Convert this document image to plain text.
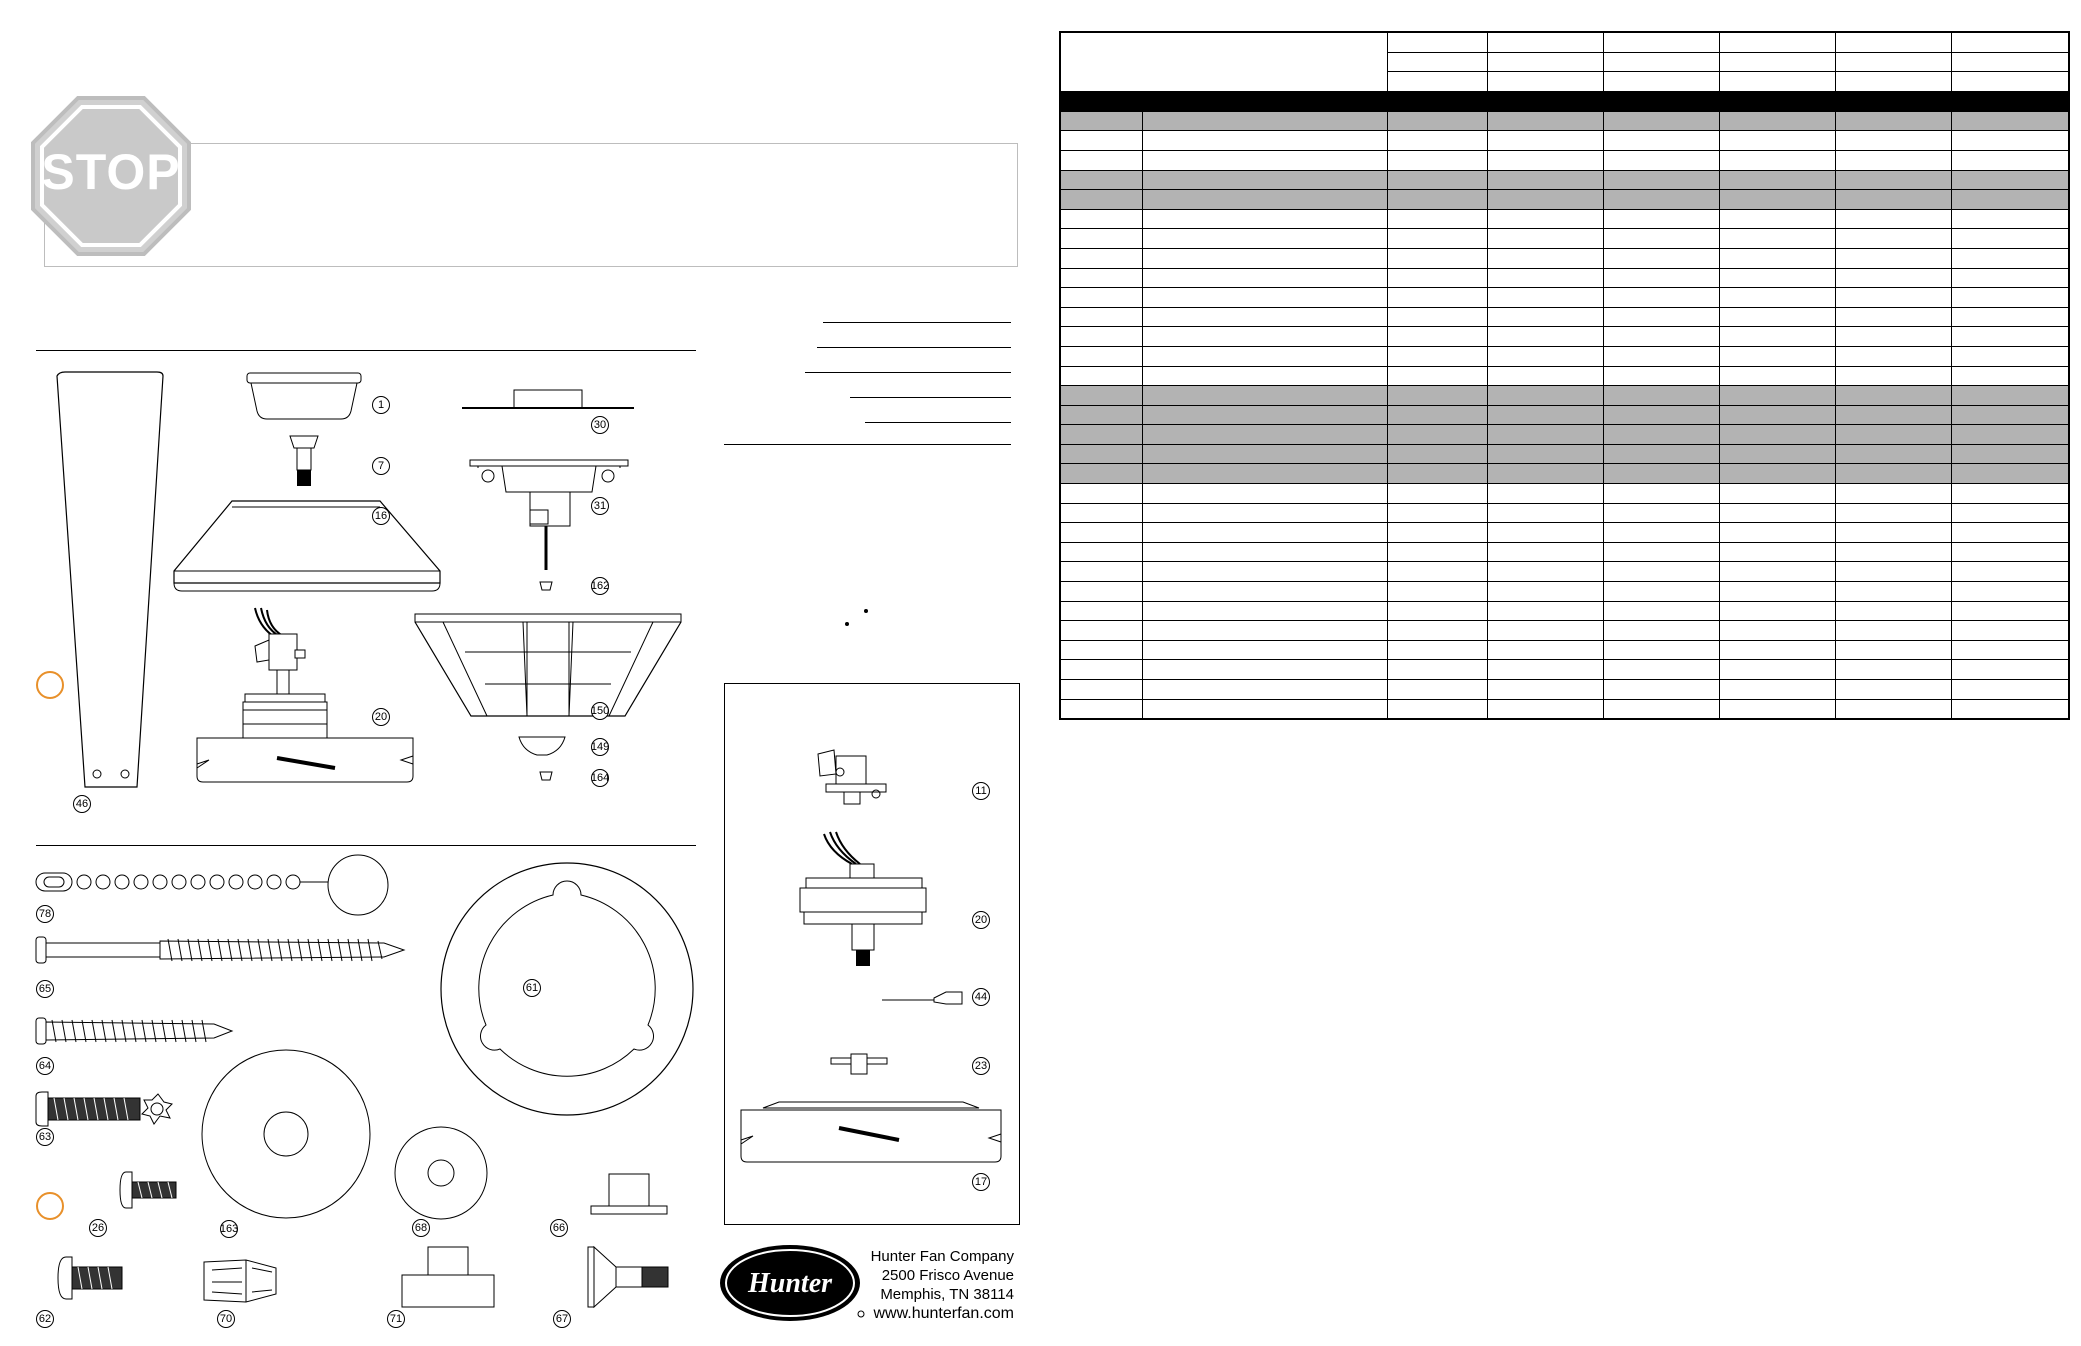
STOP
1
7
16
20
30
31
162
150
149
164
46
78
65
64
63
61
26	163	68	66
62	70	71	67
11
20
44
23
17
Hunter
Hunter Fan Company
2500 Frisco Avenue
Memphis, TN 38114
www.hunterfan.com
